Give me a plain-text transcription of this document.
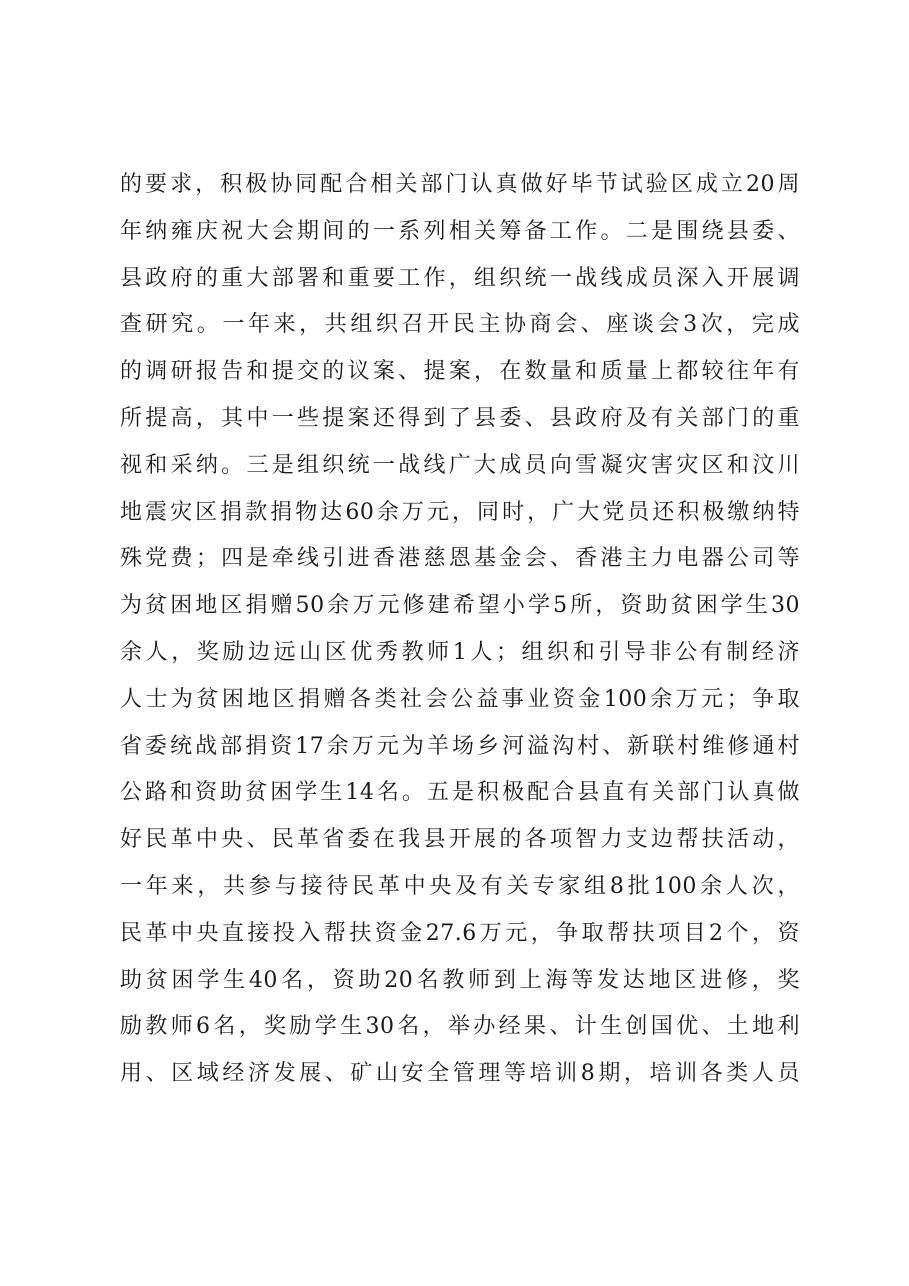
的要求，积极协同配合相关部门认真做好毕节试验区成立20周
年纳雍庆祝大会期间的一系列相关筹备工作。二是围绕县委、
县政府的重大部署和重要工作，组织统一战线成员深入开展调
查研究。一年来，共组织召开民主协商会、座谈会3次，完成
的调研报告和提交的议案、提案，在数量和质量上都较往年有
所提高，其中一些提案还得到了县委、县政府及有关部门的重
视和采纳。三是组织统一战线广大成员向雪凝灾害灾区和汶川
地震灾区捐款捐物达60余万元，同时，广大党员还积极缴纳特
殊党费；四是牵线引进香港慈恩基金会、香港主力电器公司等
为贫困地区捐赠50余万元修建希望小学5所，资助贫困学生30
余人，奖励边远山区优秀教师1人；组织和引导非公有制经济
人士为贫困地区捐赠各类社会公益事业资金100余万元；争取
省委统战部捐资17余万元为羊场乡河溢沟村、新联村维修通村
公路和资助贫困学生14名。五是积极配合县直有关部门认真做
好民革中央、民革省委在我县开展的各项智力支边帮扶活动，
一年来，共参与接待民革中央及有关专家组8批100余人次，
民革中央直接投入帮扶资金27.6万元，争取帮扶项目2个，资
助贫困学生40名，资助20名教师到上海等发达地区进修，奖
励教师6名，奖励学生30名，举办经果、计生创国优、土地利
用、区域经济发展、矿山安全管理等培训8期，培训各类人员
